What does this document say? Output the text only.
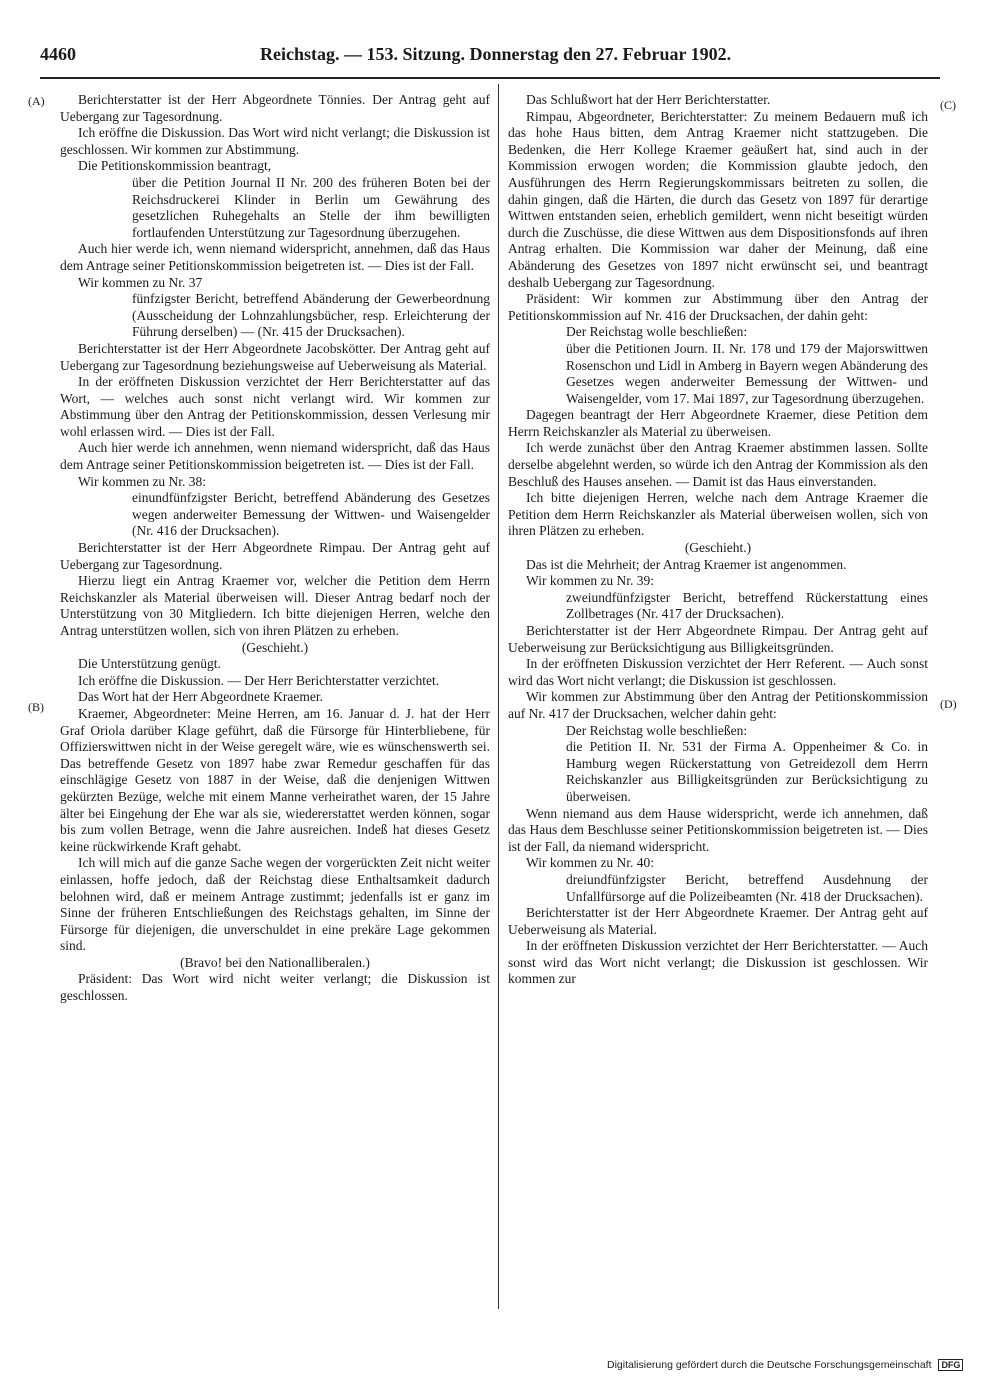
4460	Reichstag. — 153. Sitzung. Donnerstag den 27. Februar 1902.
(A)
(B)
(C)
(D)

Berichterstatter ist der Herr Abgeordnete Tönnies. Der Antrag geht auf Uebergang zur Tagesordnung.

Ich eröffne die Diskussion. Das Wort wird nicht verlangt; die Diskussion ist geschlossen. Wir kommen zur Abstimmung.

Die Petitionskommission beantragt,

über die Petition Journal II Nr. 200 des früheren Boten bei der Reichsdruckerei Klinder in Berlin um Gewährung des gesetzlichen Ruhegehalts an Stelle der ihm bewilligten fortlaufenden Unterstützung zur Tagesordnung überzugehen.

Auch hier werde ich, wenn niemand widerspricht, annehmen, daß das Haus dem Antrage seiner Petitionskommission beigetreten ist. — Dies ist der Fall.

Wir kommen zu Nr. 37

fünfzigster Bericht, betreffend Abänderung der Gewerbeordnung (Ausscheidung der Lohnzahlungsbücher, resp. Erleichterung der Führung derselben) — (Nr. 415 der Drucksachen).

Berichterstatter ist der Herr Abgeordnete Jacobskötter. Der Antrag geht auf Uebergang zur Tagesordnung beziehungsweise auf Ueberweisung als Material.

In der eröffneten Diskussion verzichtet der Herr Berichterstatter auf das Wort, — welches auch sonst nicht verlangt wird. Wir kommen zur Abstimmung über den Antrag der Petitionskommission, dessen Verlesung mir wohl erlassen wird. — Dies ist der Fall.

Auch hier werde ich annehmen, wenn niemand widerspricht, daß das Haus dem Antrage seiner Petitionskommission beigetreten ist. — Dies ist der Fall.

Wir kommen zu Nr. 38:

einundfünfzigster Bericht, betreffend Abänderung des Gesetzes wegen anderweiter Bemessung der Wittwen- und Waisengelder (Nr. 416 der Drucksachen).

Berichterstatter ist der Herr Abgeordnete Rimpau. Der Antrag geht auf Uebergang zur Tagesordnung.

Hierzu liegt ein Antrag Kraemer vor, welcher die Petition dem Herrn Reichskanzler als Material überweisen will. Dieser Antrag bedarf noch der Unterstützung von 30 Mitgliedern. Ich bitte diejenigen Herren, welche den Antrag unterstützen wollen, sich von ihren Plätzen zu erheben.

(Geschieht.)

Die Unterstützung genügt.

Ich eröffne die Diskussion. — Der Herr Berichterstatter verzichtet.

Das Wort hat der Herr Abgeordnete Kraemer.

Kraemer, Abgeordneter: Meine Herren, am 16. Januar d. J. hat der Herr Graf Oriola darüber Klage geführt, daß die Fürsorge für Hinterbliebene, für Offizierswittwen nicht in der Weise geregelt wäre, wie es wünschenswerth sei. Das betreffende Gesetz von 1897 habe zwar Remedur geschaffen für das einschlägige Gesetz von 1887 in der Weise, daß die denjenigen Wittwen gekürzten Bezüge, welche mit einem Manne verheirathet waren, der 15 Jahre älter bei Eingehung der Ehe war als sie, wiedererstattet werden können, sogar bis zum vollen Betrage, wenn die Jahre ausreichen. Indeß hat dieses Gesetz keine rückwirkende Kraft gehabt.

Ich will mich auf die ganze Sache wegen der vorgerückten Zeit nicht weiter einlassen, hoffe jedoch, daß der Reichstag diese Enthaltsamkeit dadurch belohnen wird, daß er meinem Antrage zustimmt; jedenfalls ist er ganz im Sinne der früheren Entschließungen des Reichstags gehalten, im Sinne der Fürsorge für diejenigen, die unverschuldet in eine prekäre Lage gekommen sind.

(Bravo! bei den Nationalliberalen.)

Präsident: Das Wort wird nicht weiter verlangt; die Diskussion ist geschlossen.

Das Schlußwort hat der Herr Berichterstatter.

Rimpau, Abgeordneter, Berichterstatter: Zu meinem Bedauern muß ich das hohe Haus bitten, dem Antrag Kraemer nicht stattzugeben. Die Bedenken, die Herr Kollege Kraemer geäußert hat, sind auch in der Kommission erwogen worden; die Kommission glaubte jedoch, den Ausführungen des Herrn Regierungskommissars beitreten zu sollen, die dahin gingen, daß die Härten, die durch das Gesetz von 1897 für derartige Wittwen entstanden seien, erheblich gemildert, wenn nicht beseitigt würden durch die Zuschüsse, die diese Wittwen aus dem Dispositionsfonds auf ihren Antrag erhalten. Die Kommission war daher der Meinung, daß eine Abänderung des Gesetzes von 1897 nicht erwünscht sei, und beantragt deshalb Uebergang zur Tagesordnung.

Präsident: Wir kommen zur Abstimmung über den Antrag der Petitionskommission auf Nr. 416 der Drucksachen, der dahin geht:

Der Reichstag wolle beschließen:

über die Petitionen Journ. II. Nr. 178 und 179 der Majorswittwen Rosenschon und Lidl in Amberg in Bayern wegen Abänderung des Gesetzes wegen anderweiter Bemessung der Wittwen- und Waisengelder, vom 17. Mai 1897, zur Tagesordnung überzugehen.

Dagegen beantragt der Herr Abgeordnete Kraemer, diese Petition dem Herrn Reichskanzler als Material zu überweisen.

Ich werde zunächst über den Antrag Kraemer abstimmen lassen. Sollte derselbe abgelehnt werden, so würde ich den Antrag der Kommission als den Beschluß des Hauses ansehen. — Damit ist das Haus einverstanden.

Ich bitte diejenigen Herren, welche nach dem Antrage Kraemer die Petition dem Herrn Reichskanzler als Material überweisen wollen, sich von ihren Plätzen zu erheben.

(Geschieht.)

Das ist die Mehrheit; der Antrag Kraemer ist angenommen.

Wir kommen zu Nr. 39:

zweiundfünfzigster Bericht, betreffend Rückerstattung eines Zollbetrages (Nr. 417 der Drucksachen).

Berichterstatter ist der Herr Abgeordnete Rimpau. Der Antrag geht auf Ueberweisung zur Berücksichtigung aus Billigkeitsgründen.

In der eröffneten Diskussion verzichtet der Herr Referent. — Auch sonst wird das Wort nicht verlangt; die Diskussion ist geschlossen.

Wir kommen zur Abstimmung über den Antrag der Petitionskommission auf Nr. 417 der Drucksachen, welcher dahin geht:

Der Reichstag wolle beschließen:

die Petition II. Nr. 531 der Firma A. Oppenheimer & Co. in Hamburg wegen Rückerstattung von Getreidezoll dem Herrn Reichskanzler aus Billigkeitsgründen zur Berücksichtigung zu überweisen.

Wenn niemand aus dem Hause widerspricht, werde ich annehmen, daß das Haus dem Beschlusse seiner Petitionskommission beigetreten ist. — Dies ist der Fall, da niemand widerspricht.

Wir kommen zu Nr. 40:

dreiundfünfzigster Bericht, betreffend Ausdehnung der Unfallfürsorge auf die Polizeibeamten (Nr. 418 der Drucksachen).

Berichterstatter ist der Herr Abgeordnete Kraemer. Der Antrag geht auf Ueberweisung als Material.

In der eröffneten Diskussion verzichtet der Herr Berichterstatter. — Auch sonst wird das Wort nicht verlangt; die Diskussion ist geschlossen. Wir kommen zur

Digitalisierung gefördert durch die Deutsche Forschungsgemeinschaft DFG
